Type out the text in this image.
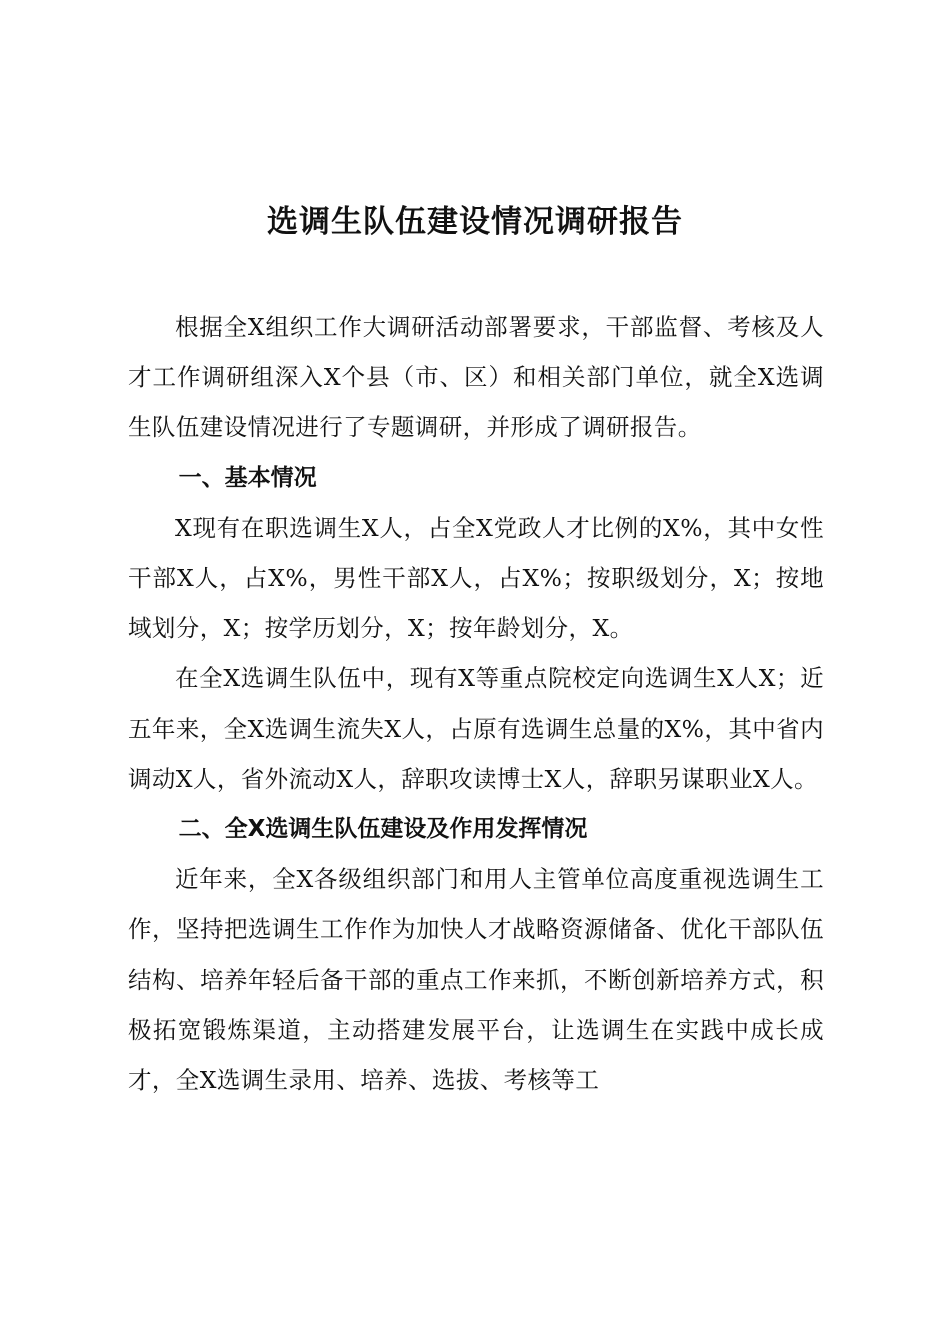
选调生队伍建设情况调研报告

根据全X组织工作大调研活动部署要求，干部监督、考核及人才工作调研组深入X个县（市、区）和相关部门单位，就全X选调生队伍建设情况进行了专题调研，并形成了调研报告。

一、基本情况

X现有在职选调生X人，占全X党政人才比例的X%，其中女性干部X人，占X%，男性干部X人，占X%；按职级划分，X；按地域划分，X；按学历划分，X；按年龄划分，X。

在全X选调生队伍中，现有X等重点院校定向选调生X人X；近五年来，全X选调生流失X人，占原有选调生总量的X%，其中省内调动X人，省外流动X人，辞职攻读博士X人，辞职另谋职业X人。

二、全X选调生队伍建设及作用发挥情况

近年来，全X各级组织部门和用人主管单位高度重视选调生工作，坚持把选调生工作作为加快人才战略资源储备、优化干部队伍结构、培养年轻后备干部的重点工作来抓，不断创新培养方式，积极拓宽锻炼渠道，主动搭建发展平台，让选调生在实践中成长成才，全X选调生录用、培养、选拔、考核等工
